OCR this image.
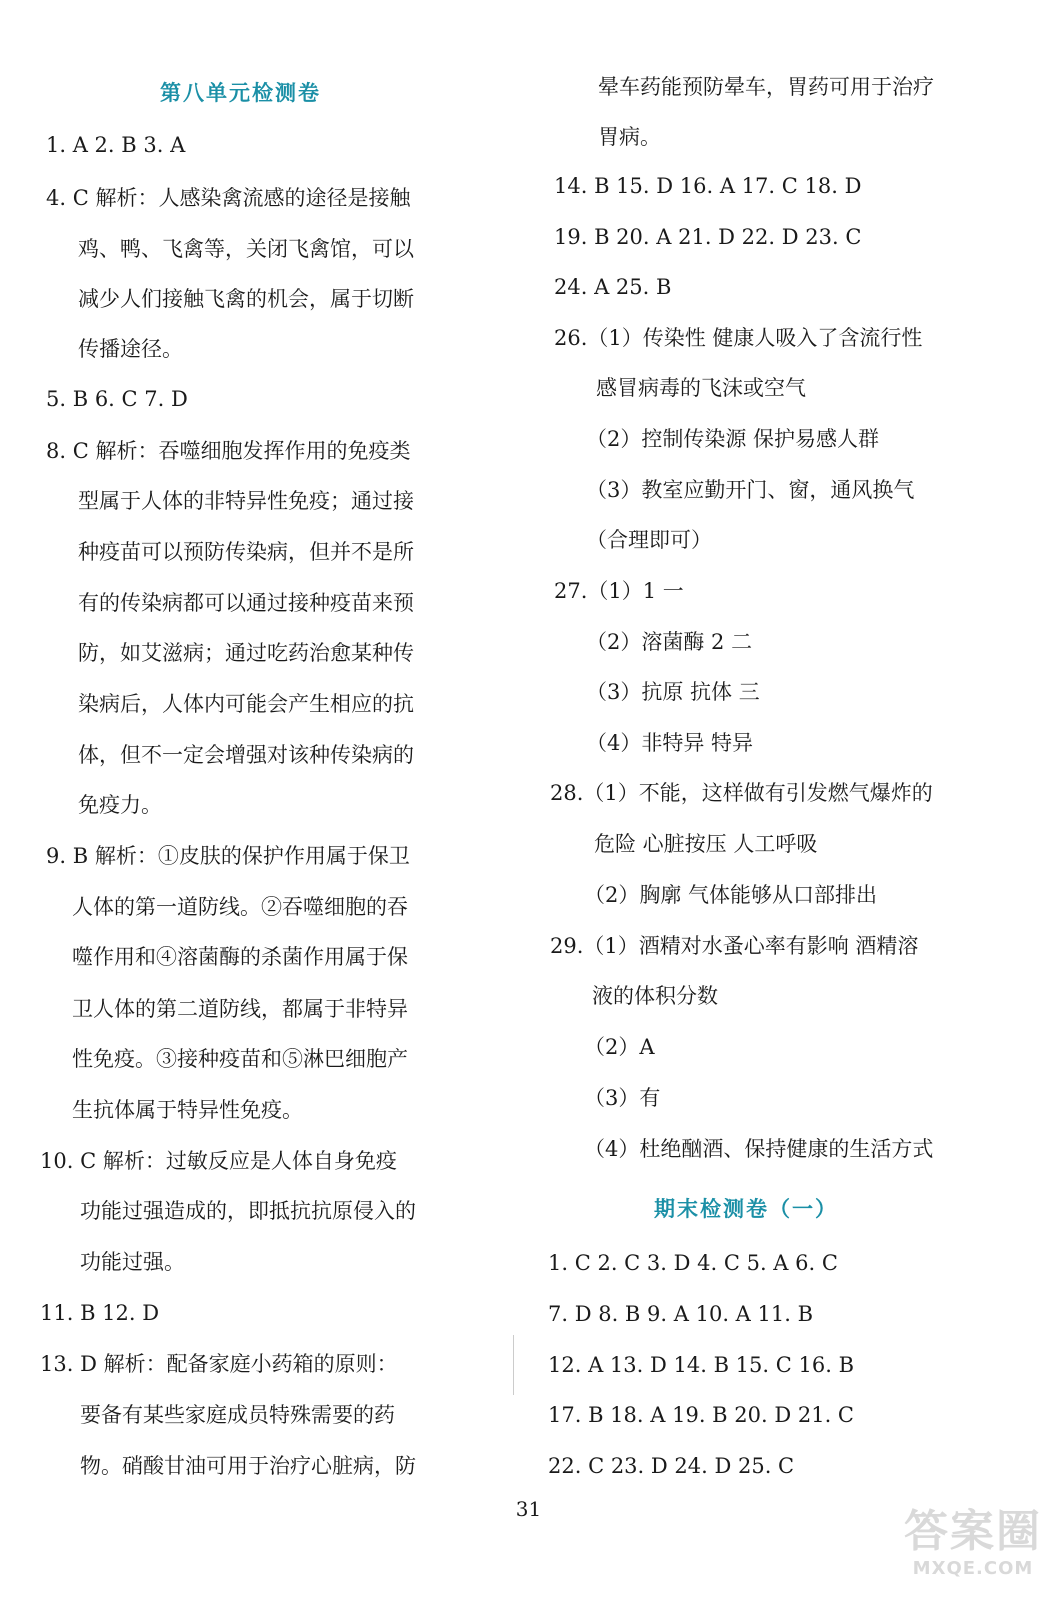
第八单元检测卷
1. A 2. B 3. A
4. C 解析：人感染禽流感的途径是接触
鸡、鸭、飞禽等，关闭飞禽馆，可以
减少人们接触飞禽的机会，属于切断
传播途径。
5. B 6. C 7. D
8. C 解析：吞噬细胞发挥作用的免疫类
型属于人体的非特异性免疫；通过接
种疫苗可以预防传染病，但并不是所
有的传染病都可以通过接种疫苗来预
防，如艾滋病；通过吃药治愈某种传
染病后，人体内可能会产生相应的抗
体，但不一定会增强对该种传染病的
免疫力。
9. B 解析：①皮肤的保护作用属于保卫
人体的第一道防线。②吞噬细胞的吞
噬作用和④溶菌酶的杀菌作用属于保
卫人体的第二道防线，都属于非特异
性免疫。③接种疫苗和⑤淋巴细胞产
生抗体属于特异性免疫。
10. C 解析：过敏反应是人体自身免疫
功能过强造成的，即抵抗抗原侵入的
功能过强。
11. B 12. D
13. D 解析：配备家庭小药箱的原则：
要备有某些家庭成员特殊需要的药
物。硝酸甘油可用于治疗心脏病，防
晕车药能预防晕车，胃药可用于治疗
胃病。
14. B 15. D 16. A 17. C 18. D
19. B 20. A 21. D 22. D 23. C
24. A 25. B
26.（1）传染性 健康人吸入了含流行性
感冒病毒的飞沫或空气
（2）控制传染源 保护易感人群
（3）教室应勤开门、窗，通风换气
（合理即可）
27.（1）1 一
（2）溶菌酶 2 二
（3）抗原 抗体 三
（4）非特异 特异
28.（1）不能，这样做有引发燃气爆炸的
危险 心脏按压 人工呼吸
（2）胸廓 气体能够从口部排出
29.（1）酒精对水蚤心率有影响 酒精溶
液的体积分数
（2）A
（3）有
（4）杜绝酗酒、保持健康的生活方式
期末检测卷（一）
1. C 2. C 3. D 4. C 5. A 6. C
7. D 8. B 9. A 10. A 11. B
12. A 13. D 14. B 15. C 16. B
17. B 18. A 19. B 20. D 21. C
22. C 23. D 24. D 25. C
31	答案圈
MXQE.COM
